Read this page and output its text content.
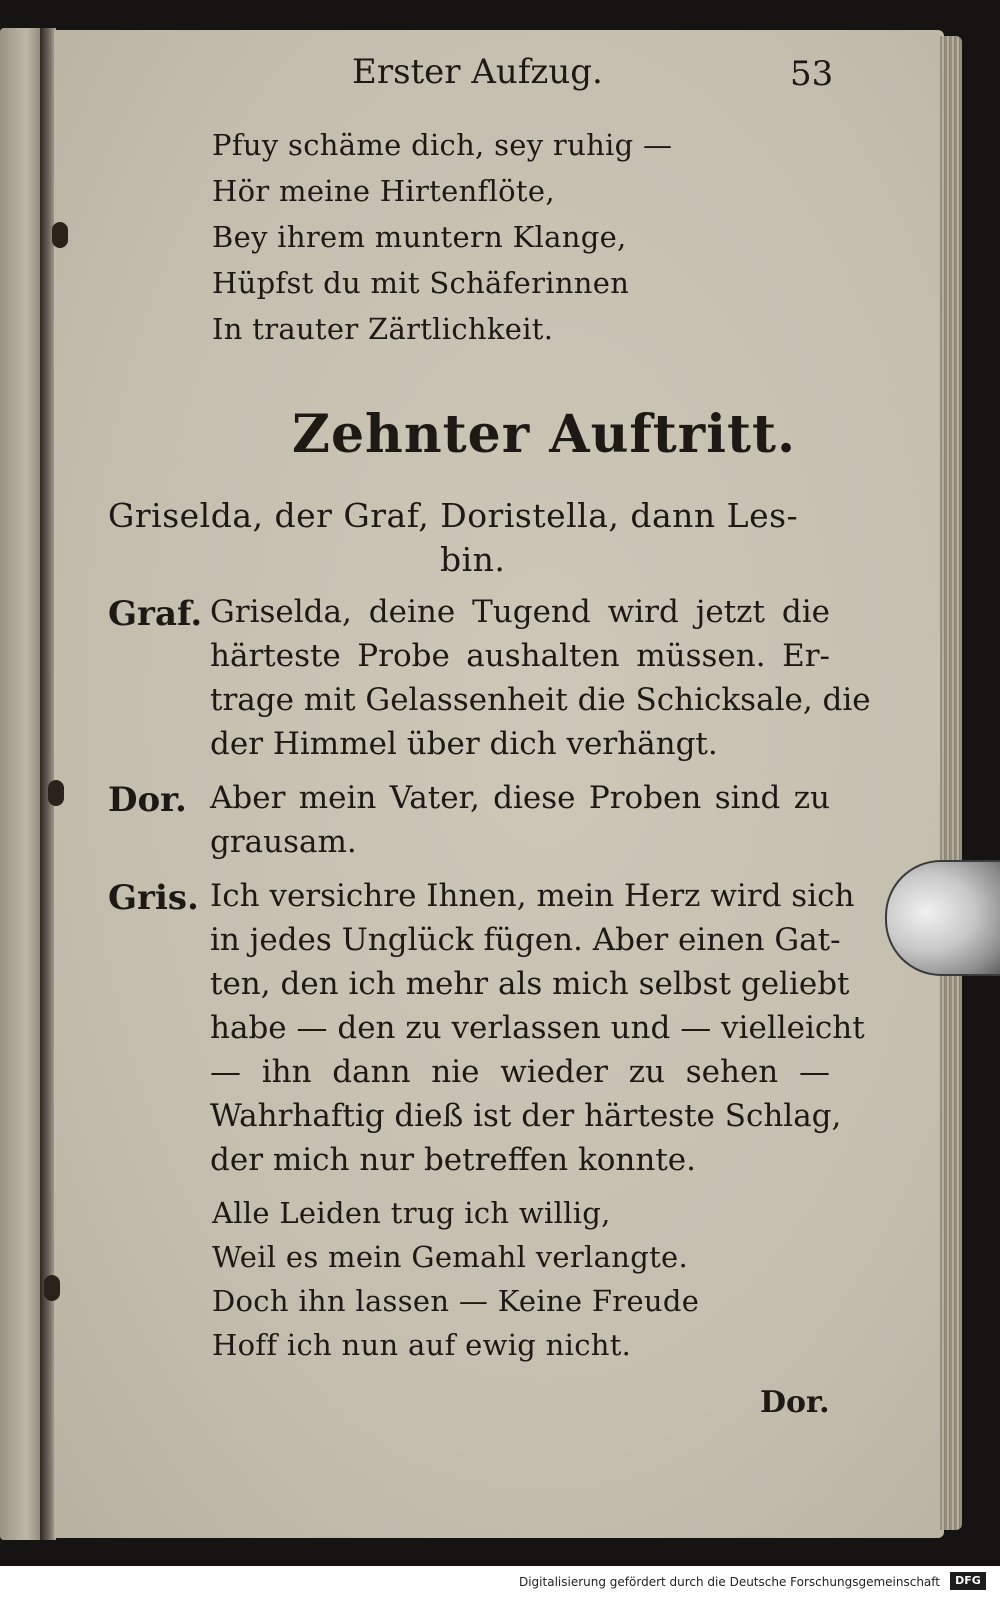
Erster Aufzug.	53
Pfuy schäme dich, sey ruhig —
Hör meine Hirtenflöte,
Bey ihrem muntern Klange,
Hüpfst du mit Schäferinnen
In trauter Zärtlichkeit.
Zehnter Auftritt.
Griselda, der Graf, Doristella, dann Les-
bin.
Graf. Griselda, deine Tugend wird jetzt die
härteste Probe aushalten müssen. Er-
trage mit Gelassenheit die Schicksale, die
der Himmel über dich verhängt.
Dor. Aber mein Vater, diese Proben sind zu
grausam.
Gris. Ich versichre Ihnen, mein Herz wird sich
in jedes Unglück fügen. Aber einen Gat-
ten, den ich mehr als mich selbst geliebt
habe — den zu verlassen und — vielleicht
— ihn dann nie wieder zu sehen —
Wahrhaftig dieß ist der härteste Schlag,
der mich nur betreffen konnte.
Alle Leiden trug ich willig,
Weil es mein Gemahl verlangte.
Doch ihn lassen — Keine Freude
Hoff ich nun auf ewig nicht.
Dor.
Digitalisierung gefördert durch die Deutsche Forschungsgemeinschaft	DFG
